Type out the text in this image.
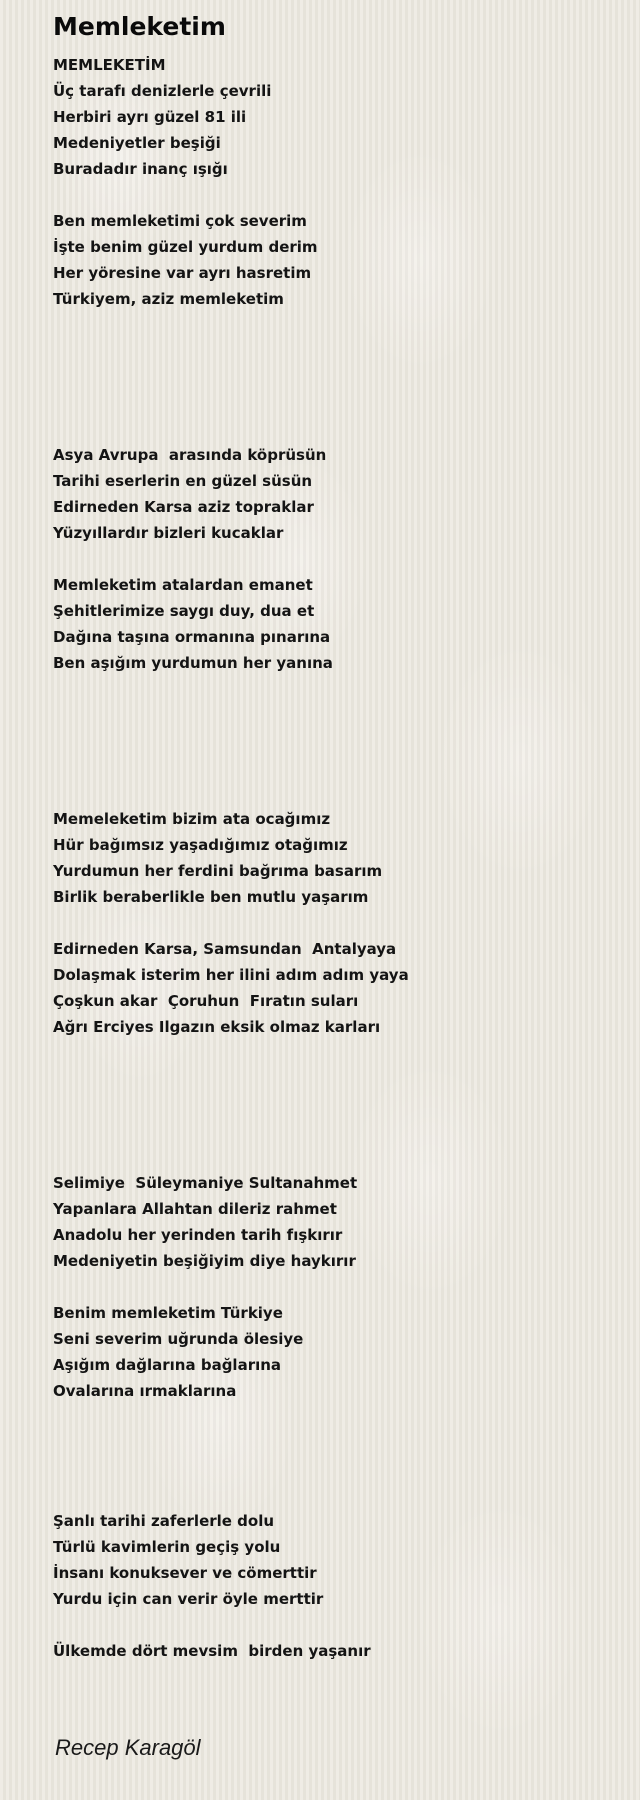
Memleketim
MEMLEKETİM
Üç tarafı denizlerle çevrili
Herbiri ayrı güzel 81 ili
Medeniyetler beşiği
Buradadır inanç ışığı
Ben memleketimi çok severim
İşte benim güzel yurdum derim
Her yöresine var ayrı hasretim
Türkiyem, aziz memleketim
Asya Avrupa  arasında köprüsün
Tarihi eserlerin en güzel süsün
Edirneden Karsa aziz topraklar
Yüzyıllardır bizleri kucaklar
Memleketim atalardan emanet
Şehitlerimize saygı duy, dua et
Dağına taşına ormanına pınarına
Ben aşığım yurdumun her yanına
Memeleketim bizim ata ocağımız
Hür bağımsız yaşadığımız otağımız
Yurdumun her ferdini bağrıma basarım
Birlik beraberlikle ben mutlu yaşarım
Edirneden Karsa, Samsundan  Antalyaya
Dolaşmak isterim her ilini adım adım yaya
Çoşkun akar  Çoruhun  Fıratın suları
Ağrı Erciyes Ilgazın eksik olmaz karları
Selimiye  Süleymaniye Sultanahmet
Yapanlara Allahtan dileriz rahmet
Anadolu her yerinden tarih fışkırır
Medeniyetin beşiğiyim diye haykırır
Benim memleketim Türkiye
Seni severim uğrunda ölesiye
Aşığım dağlarına bağlarına
Ovalarına ırmaklarına
Şanlı tarihi zaferlerle dolu
Türlü kavimlerin geçiş yolu
İnsanı konuksever ve cömerttir
Yurdu için can verir öyle merttir
Ülkemde dört mevsim  birden yaşanır
Recep Karagöl
